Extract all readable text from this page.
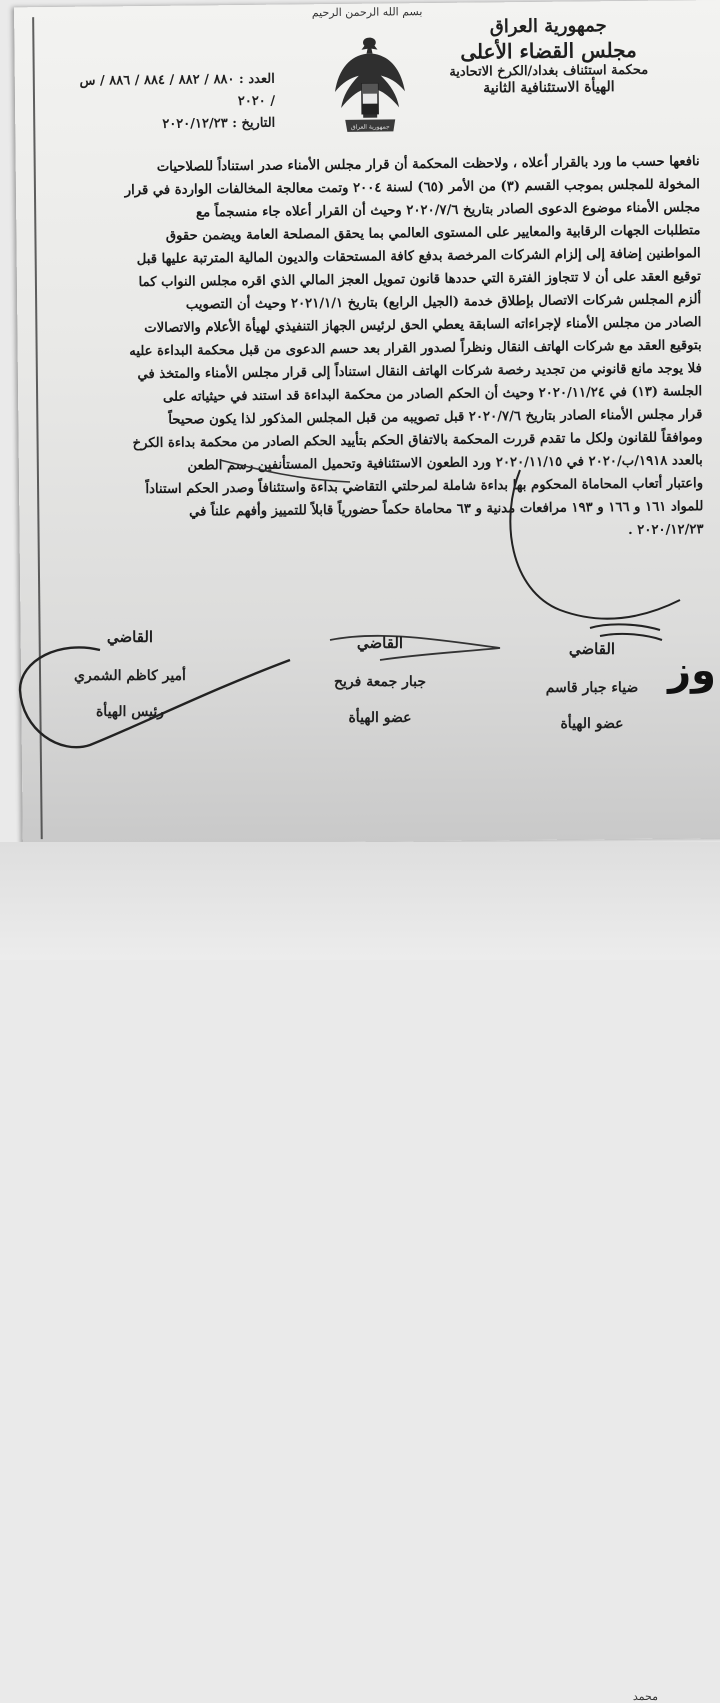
بسم الله الرحمن الرحيم
جمهورية العراق
مجلس القضاء الأعلى
محكمة استئناف بغداد/الكرخ الاتحادية
الهيأة الاستئنافية الثانية
جمهورية العراق
العدد : ٨٨٠ / ٨٨٢ / ٨٨٤ / ٨٨٦ / س / ٢٠٢٠
التاريخ : ٢٠٢٠/١٢/٢٣
نافعها حسب ما ورد بالقرار أعلاه ، ولاحظت المحكمة أن قرار مجلس الأمناء صدر استناداً للصلاحيات
المخولة للمجلس بموجب القسم (٣) من الأمر (٦٥) لسنة ٢٠٠٤ وتمت معالجة المخالفات الواردة في قرار
مجلس الأمناء موضوع الدعوى الصادر بتاريخ ٢٠٢٠/٧/٦ وحيث أن القرار أعلاه جاء منسجماً مع
متطلبات الجهات الرقابية والمعايير على المستوى العالمي بما يحقق المصلحة العامة ويضمن حقوق
المواطنين إضافة إلى إلزام الشركات المرخصة بدفع كافة المستحقات والديون المالية المترتبة عليها قبل
توقيع العقد على أن لا تتجاوز الفترة التي حددها قانون تمويل العجز المالي الذي اقره مجلس النواب كما
ألزم المجلس شركات الاتصال بإطلاق خدمة (الجيل الرابع) بتاريخ ٢٠٢١/١/١ وحيث أن التصويب
الصادر من مجلس الأمناء لإجراءاته السابقة يعطي الحق لرئيس الجهاز التنفيذي لهيأة الأعلام والاتصالات
بتوقيع العقد مع شركات الهاتف النقال ونظراً لصدور القرار بعد حسم الدعوى من قبل محكمة البداءة عليه
فلا يوجد مانع قانوني من تجديد رخصة شركات الهاتف النقال استناداً إلى قرار مجلس الأمناء والمتخذ في
الجلسة (١٣) في ٢٠٢٠/١١/٢٤ وحيث أن الحكم الصادر من محكمة البداءة قد استند في حيثياته على
قرار مجلس الأمناء الصادر بتاريخ ٢٠٢٠/٧/٦ قبل تصويبه من قبل المجلس المذكور لذا يكون صحيحاً
وموافقاً للقانون ولكل ما تقدم قررت المحكمة بالاتفاق الحكم بتأييد الحكم الصادر من محكمة بداءة الكرخ
بالعدد ١٩١٨/ب/٢٠٢٠ في ٢٠٢٠/١١/١٥ ورد الطعون الاستئنافية وتحميل المستأنفين رسم الطعن
واعتبار أتعاب المحاماة المحكوم بها بداءة شاملة لمرحلتي التقاضي بداءة واستئنافاً وصدر الحكم استناداً
للمواد ١٦١ و ١٦٦ و ١٩٣ مرافعات مدنية و ٦٣ محاماة حكماً حضورياً قابلاً للتمييز وأفهم علناً في
٢٠٢٠/١٢/٢٣ .
القاضي
ضياء جبار قاسم
عضو الهيأة
القاضي
جبار جمعة فريح
عضو الهيأة
القاضي
أمير كاظم الشمري
رئيس الهيأة
وز
محمد
